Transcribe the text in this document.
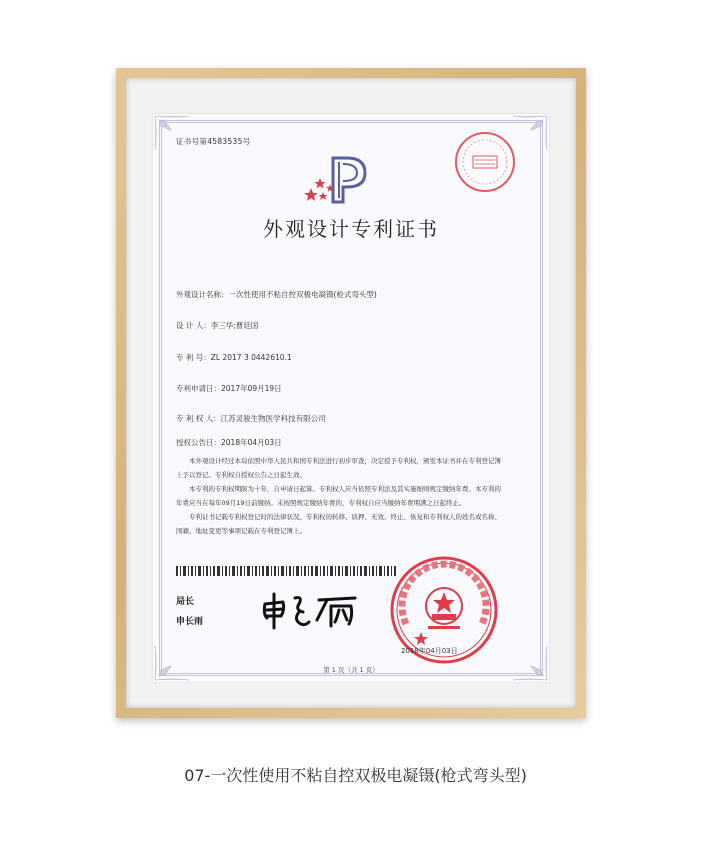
证书号第4583535号
外观设计专利证书
外观设计名称：一次性使用不粘自控双极电凝镊(枪式弯头型)
设 计 人：李三华;曹廷国
专 利 号：ZL 2017 3 0442610.1
专利申请日：2017年09月19日
专 利 权 人：江苏灵骏生物医学科技有限公司
授权公告日：2018年04月03日

本外观设计经过本局依照中华人民共和国专利法进行初步审查，决定授予专利权，颁发本证书并在专利登记簿上予以登记。专利权自授权公告之日起生效。

本专利的专利权期限为十年，自申请日起算。专利权人应当依照专利法及其实施细则规定缴纳年费。本专利的年费应当在每年09月19日前缴纳。未按照规定缴纳年费的，专利权自应当缴纳年费期满之日起终止。

专利证书记载专利权登记时的法律状况。专利权的转移、质押、无效、终止、恢复和专利权人的姓名或名称、国籍、地址变更等事项记载在专利登记簿上。

局长
申长雨
2018年04月03日
第 1 页（共 1 页）
07-一次性使用不粘自控双极电凝镊(枪式弯头型)
